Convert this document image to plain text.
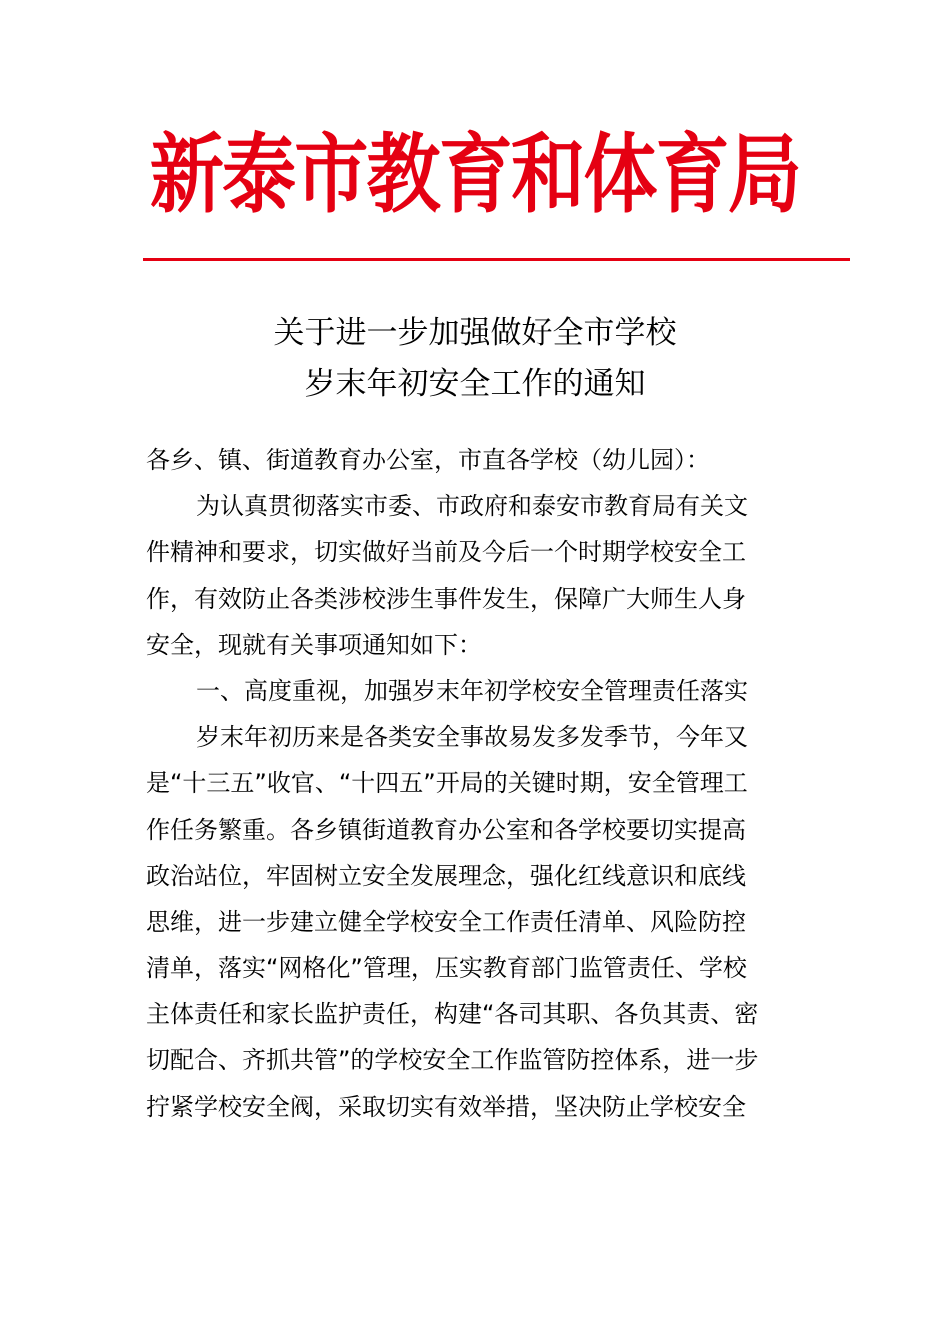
新泰市教育和体育局
关于进一步加强做好全市学校
岁末年初安全工作的通知
各乡、镇、街道教育办公室，市直各学校（幼儿园）：
为认真贯彻落实市委、市政府和泰安市教育局有关文
件精神和要求，切实做好当前及今后一个时期学校安全工
作，有效防止各类涉校涉生事件发生，保障广大师生人身
安全，现就有关事项通知如下：
一、高度重视，加强岁末年初学校安全管理责任落实
岁末年初历来是各类安全事故易发多发季节，今年又
是“十三五”收官、“十四五”开局的关键时期，安全管理工
作任务繁重。各乡镇街道教育办公室和各学校要切实提高
政治站位，牢固树立安全发展理念，强化红线意识和底线
思维，进一步建立健全学校安全工作责任清单、风险防控
清单，落实“网格化”管理，压实教育部门监管责任、学校
主体责任和家长监护责任，构建“各司其职、各负其责、密
切配合、齐抓共管”的学校安全工作监管防控体系，进一步
拧紧学校安全阀，采取切实有效举措，坚决防止学校安全
